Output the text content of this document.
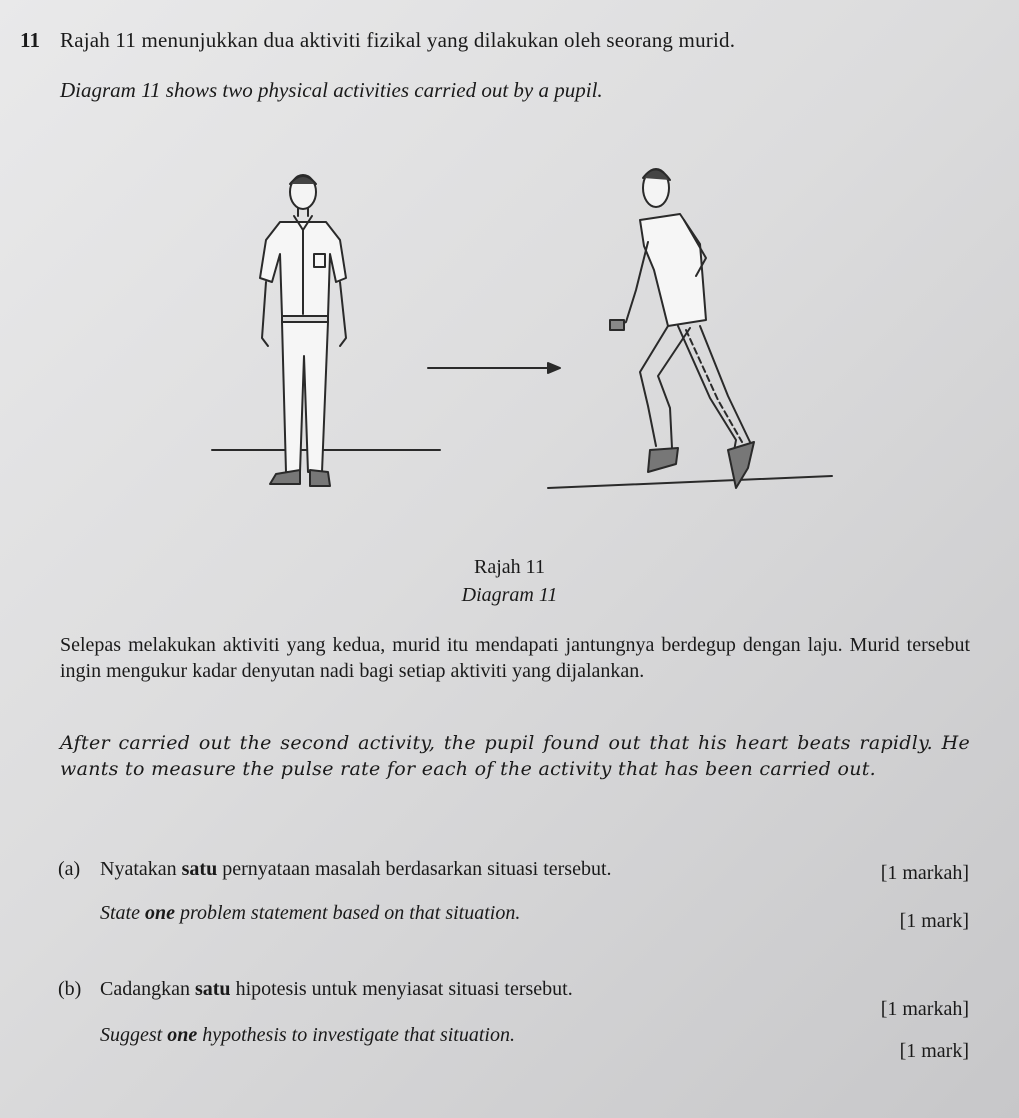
11 Rajah 11 menunjukkan dua aktiviti fizikal yang dilakukan oleh seorang murid.
Diagram 11 shows two physical activities carried out by a pupil.
Rajah 11
Diagram 11
Selepas melakukan aktiviti yang kedua, murid itu mendapati jantungnya berdegup dengan laju. Murid tersebut ingin mengukur kadar denyutan nadi bagi setiap aktiviti yang dijalankan.
After carried out the second activity, the pupil found out that his heart beats rapidly. He wants to measure the pulse rate for each of the activity that has been carried out.
(a) Nyatakan satu pernyataan masalah berdasarkan situasi tersebut.	[1 markah]
State one problem statement based on that situation.	[1 mark]
(b) Cadangkan satu hipotesis untuk menyiasat situasi tersebut.
[1 markah]
Suggest one hypothesis to investigate that situation.
[1 mark]
